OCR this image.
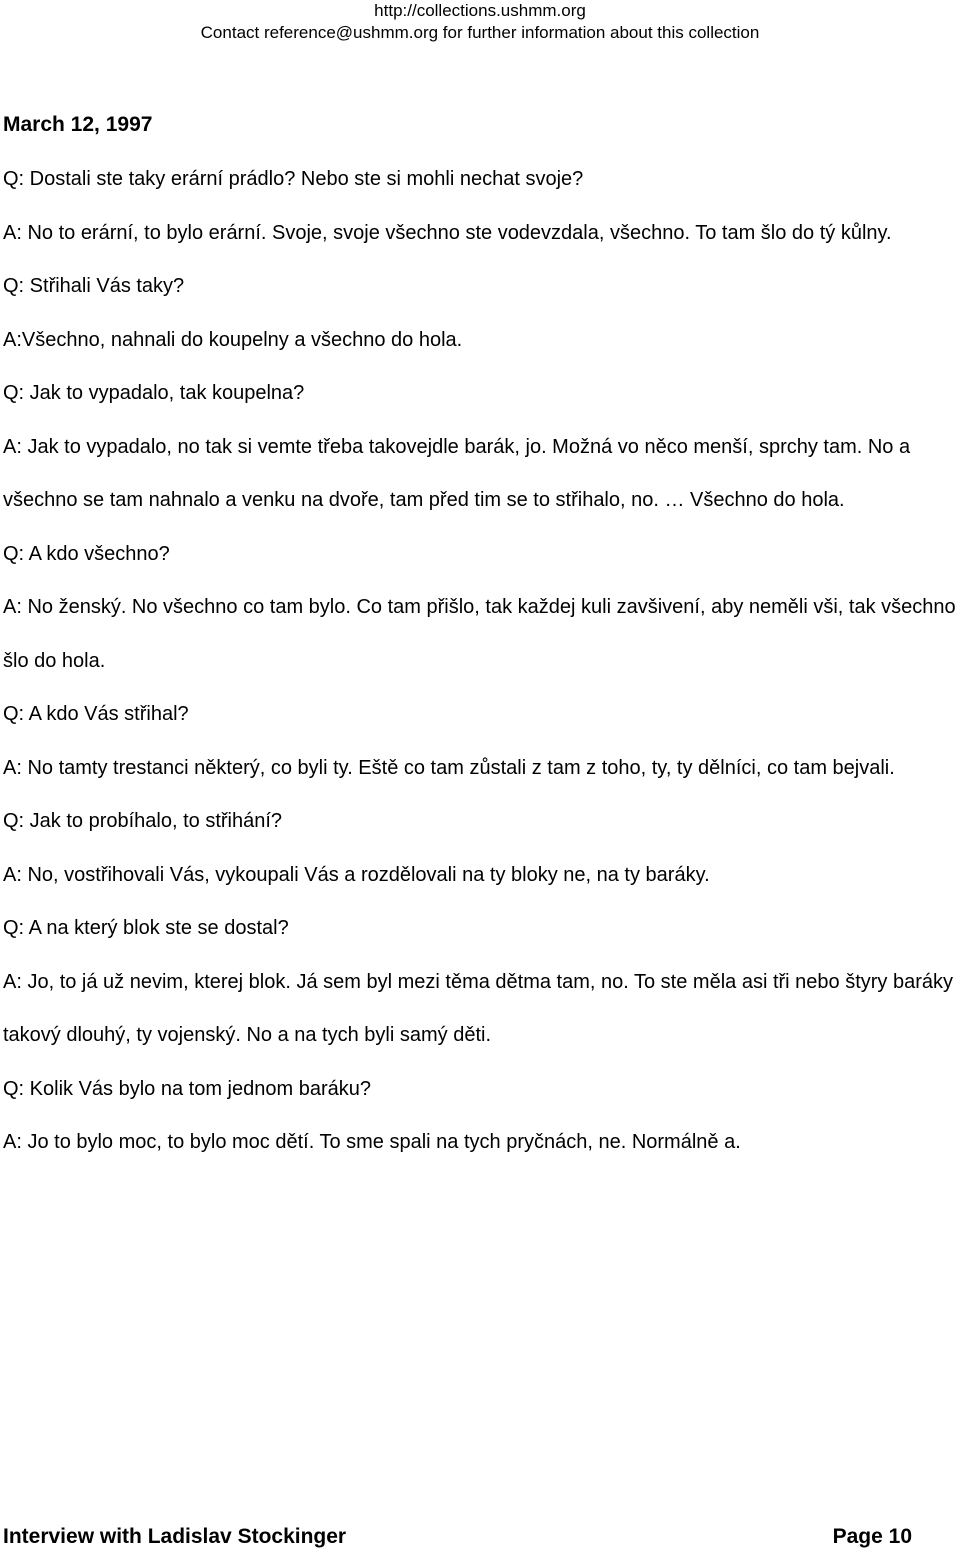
http://collections.ushmm.org
Contact reference@ushmm.org for further information about this collection
March 12, 1997

Q: Dostali ste taky erární prádlo? Nebo ste si mohli nechat svoje?

A: No to erární, to bylo erární. Svoje, svoje všechno ste vodevzdala, všechno. To tam šlo do tý kůlny.

Q: Střihali Vás taky?

A:Všechno, nahnali do koupelny a všechno do hola.

Q: Jak to vypadalo, tak koupelna?

A: Jak to vypadalo, no tak si vemte třeba takovejdle barák, jo. Možná vo něco menší, sprchy tam. No a všechno se tam nahnalo a venku na dvoře, tam před tim se to střihalo, no. … Všechno do hola.

Q: A kdo všechno?

A: No ženský. No všechno co tam bylo. Co tam přišlo, tak každej kuli zavšivení, aby neměli vši, tak všechno šlo do hola.

Q: A kdo Vás střihal?

A: No tamty trestanci některý, co byli ty. Eště co tam zůstali z tam z toho, ty, ty dělníci, co tam bejvali.

Q: Jak to probíhalo, to střihání?

A: No, vostřihovali Vás, vykoupali Vás a rozdělovali na ty bloky ne, na ty baráky.

Q: A na který blok ste se dostal?

A: Jo, to já už nevim, kterej blok. Já sem byl mezi těma dětma tam, no. To ste měla asi tři nebo štyry baráky takový dlouhý, ty vojenský. No a na tych byli samý děti.

Q: Kolik Vás bylo na tom jednom baráku?

A: Jo to bylo moc, to bylo moc dětí. To sme spali na tych pryčnách, ne. Normálně a.

Interview with Ladislav Stockinger	Page 10
